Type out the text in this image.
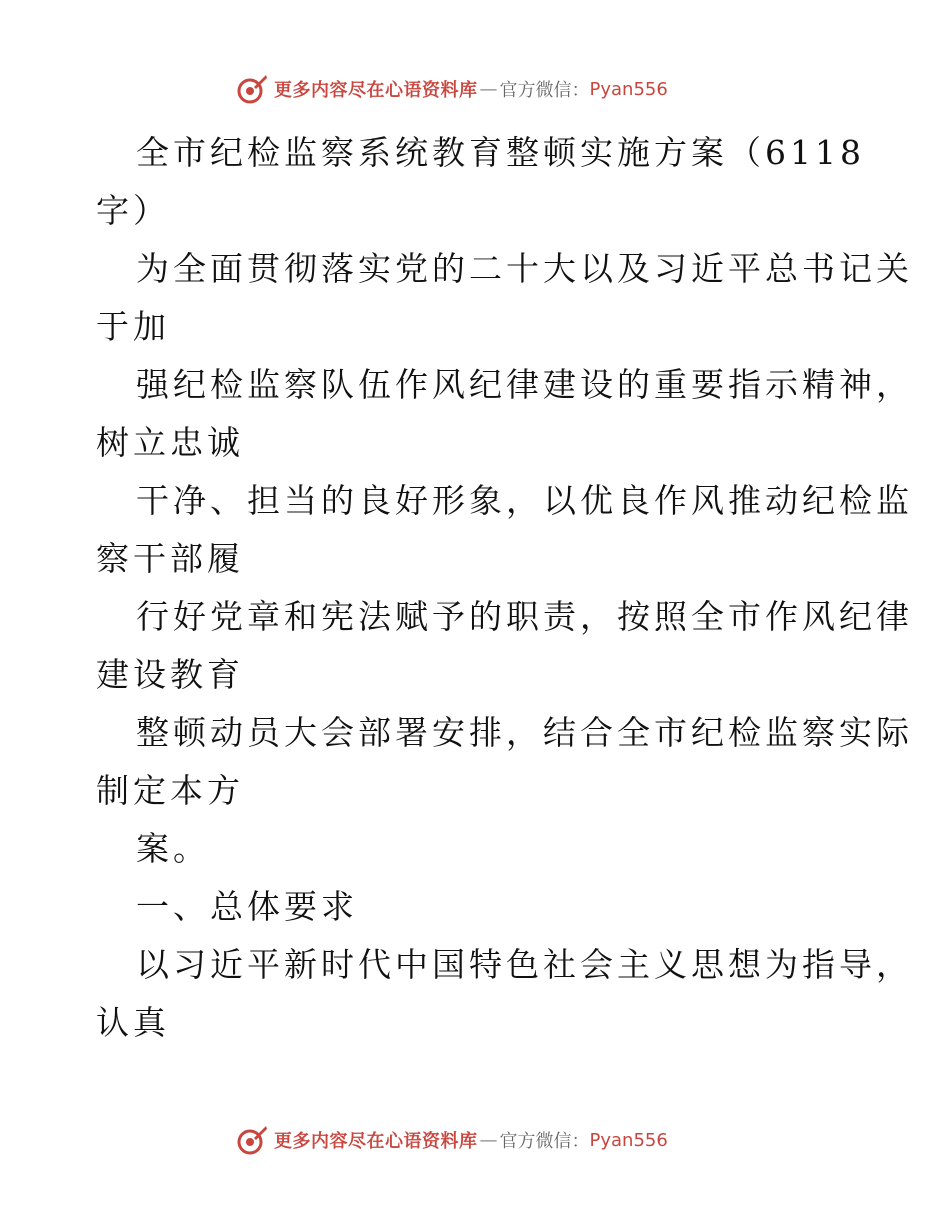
更多内容尽在心语资料库 — 官方微信： Pyan556
全市纪检监察系统教育整顿实施方案（6118
字）
为全面贯彻落实党的二十大以及习近平总书记关
于加
强纪检监察队伍作风纪律建设的重要指示精神，
树立忠诚
干净、担当的良好形象，以优良作风推动纪检监
察干部履
行好党章和宪法赋予的职责，按照全市作风纪律
建设教育
整顿动员大会部署安排，结合全市纪检监察实际
制定本方
案。
一、总体要求
以习近平新时代中国特色社会主义思想为指导，
认真
更多内容尽在心语资料库 — 官方微信： Pyan556
